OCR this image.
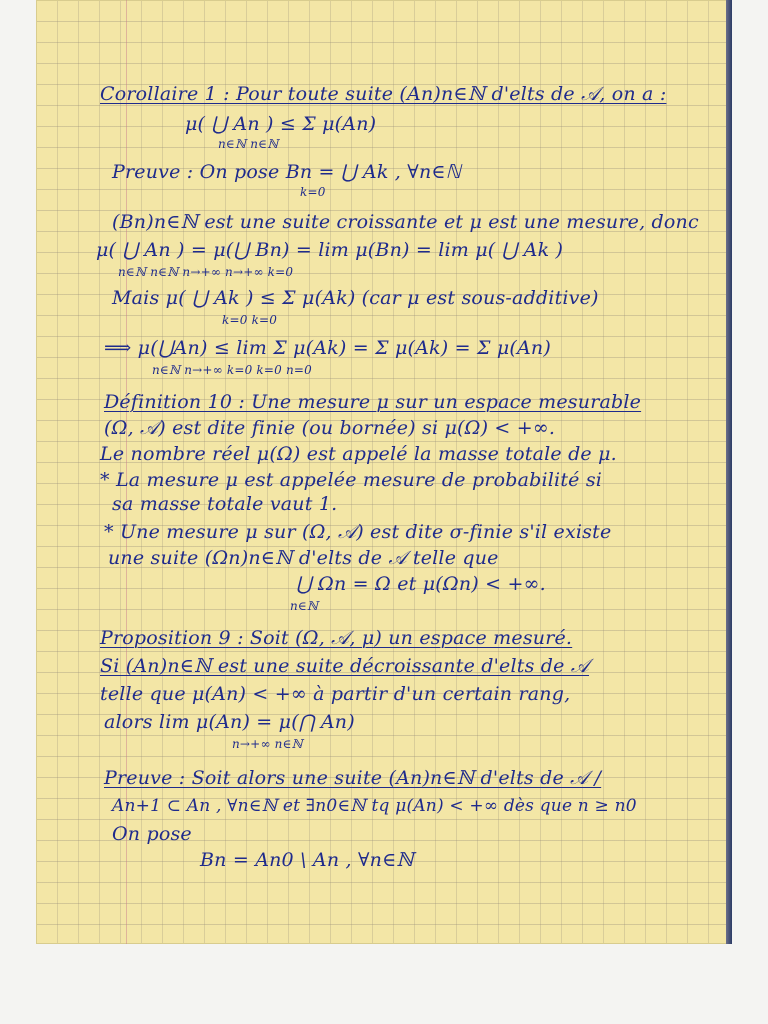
Corollaire 1 : Pour toute suite (An)n∈ℕ d'elts de 𝒜, on a :
μ( ⋃ An ) ≤ Σ μ(An)
n∈ℕ n∈ℕ
Preuve : On pose Bn = ⋃ Ak , ∀n∈ℕ
k=0
(Bn)n∈ℕ est une suite croissante et μ est une mesure, donc
μ( ⋃ An ) = μ(⋃ Bn) = lim μ(Bn) = lim μ( ⋃ Ak )
n∈ℕ n∈ℕ n→+∞ n→+∞ k=0
Mais μ( ⋃ Ak ) ≤ Σ μ(Ak) (car μ est sous-additive)
k=0 k=0
⟹ μ(⋃An) ≤ lim Σ μ(Ak) = Σ μ(Ak) = Σ μ(An)
n∈ℕ n→+∞ k=0 k=0 n=0
Définition 10 : Une mesure μ sur un espace mesurable
(Ω, 𝒜) est dite finie (ou bornée) si μ(Ω) < +∞.
Le nombre réel μ(Ω) est appelé la masse totale de μ.
* La mesure μ est appelée mesure de probabilité si
sa masse totale vaut 1.
* Une mesure μ sur (Ω, 𝒜) est dite σ-finie s'il existe
une suite (Ωn)n∈ℕ d'elts de 𝒜 telle que
⋃ Ωn = Ω et μ(Ωn) < +∞.
n∈ℕ
Proposition 9 : Soit (Ω, 𝒜, μ) un espace mesuré.
Si (An)n∈ℕ est une suite décroissante d'elts de 𝒜
telle que μ(An) < +∞ à partir d'un certain rang,
alors lim μ(An) = μ(⋂ An)
n→+∞ n∈ℕ
Preuve : Soit alors une suite (An)n∈ℕ d'elts de 𝒜 /
An+1 ⊂ An , ∀n∈ℕ et ∃n0∈ℕ tq μ(An) < +∞ dès que n ≥ n0
On pose
Bn = An0 \ An , ∀n∈ℕ
